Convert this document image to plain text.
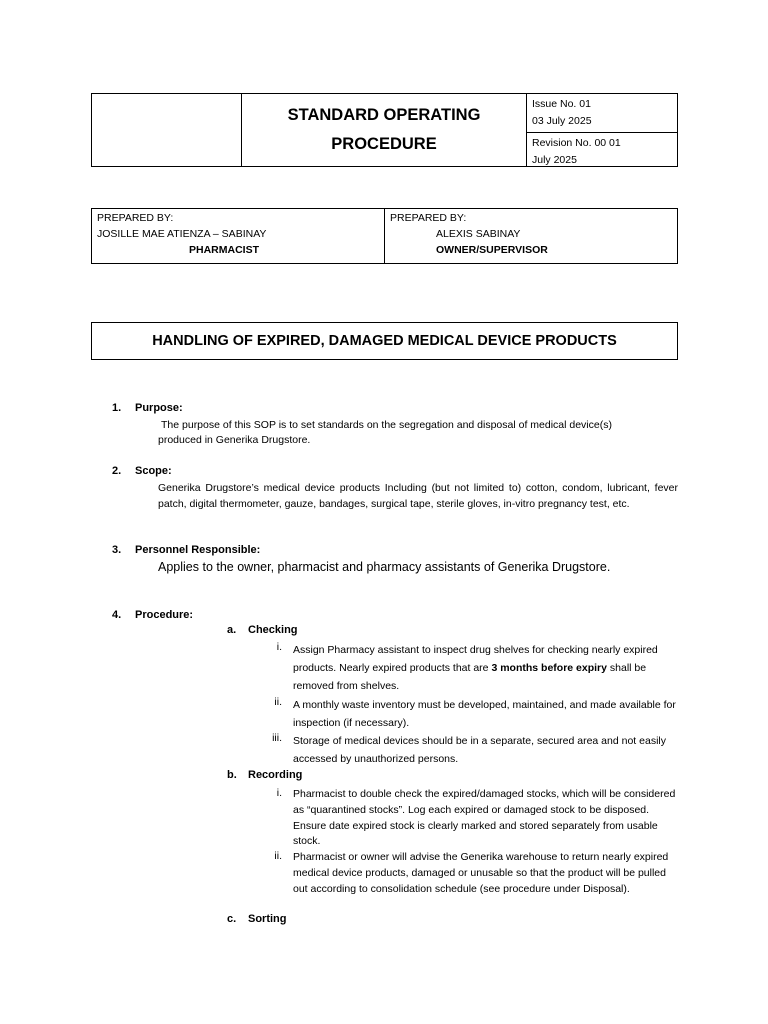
STANDARD OPERATING
PROCEDURE
Issue No. 01
03 July 2025
Revision No. 00 01
July 2025
PREPARED BY:
JOSILLE MAE ATIENZA – SABINAY
PHARMACIST
PREPARED BY:
ALEXIS SABINAY
OWNER/SUPERVISOR
HANDLING OF EXPIRED, DAMAGED MEDICAL DEVICE PRODUCTS
1. Purpose:
The purpose of this SOP is to set standards on the segregation and disposal of medical device(s)
produced in Generika Drugstore.
2. Scope:
Generika Drugstore’s medical device products Including (but not limited to) cotton, condom, lubricant, fever patch, digital thermometer, gauze, bandages, surgical tape, sterile gloves, in-vitro pregnancy test, etc.
3. Personnel Responsible:
Applies to the owner, pharmacist and pharmacy assistants of Generika Drugstore.
4. Procedure:
a. Checking
i. Assign Pharmacy assistant to inspect drug shelves for checking nearly expired products. Nearly expired products that are 3 months before expiry shall be removed from shelves.
ii. A monthly waste inventory must be developed, maintained, and made available for inspection (if necessary).
iii. Storage of medical devices should be in a separate, secured area and not easily accessed by unauthorized persons.
b. Recording
i. Pharmacist to double check the expired/damaged stocks, which will be considered as “quarantined stocks”. Log each expired or damaged stock to be disposed. Ensure date expired stock is clearly marked and stored separately from usable stock.
ii. Pharmacist or owner will advise the Generika warehouse to return nearly expired medical device products, damaged or unusable so that the product will be pulled out according to consolidation schedule (see procedure under Disposal).
c. Sorting
